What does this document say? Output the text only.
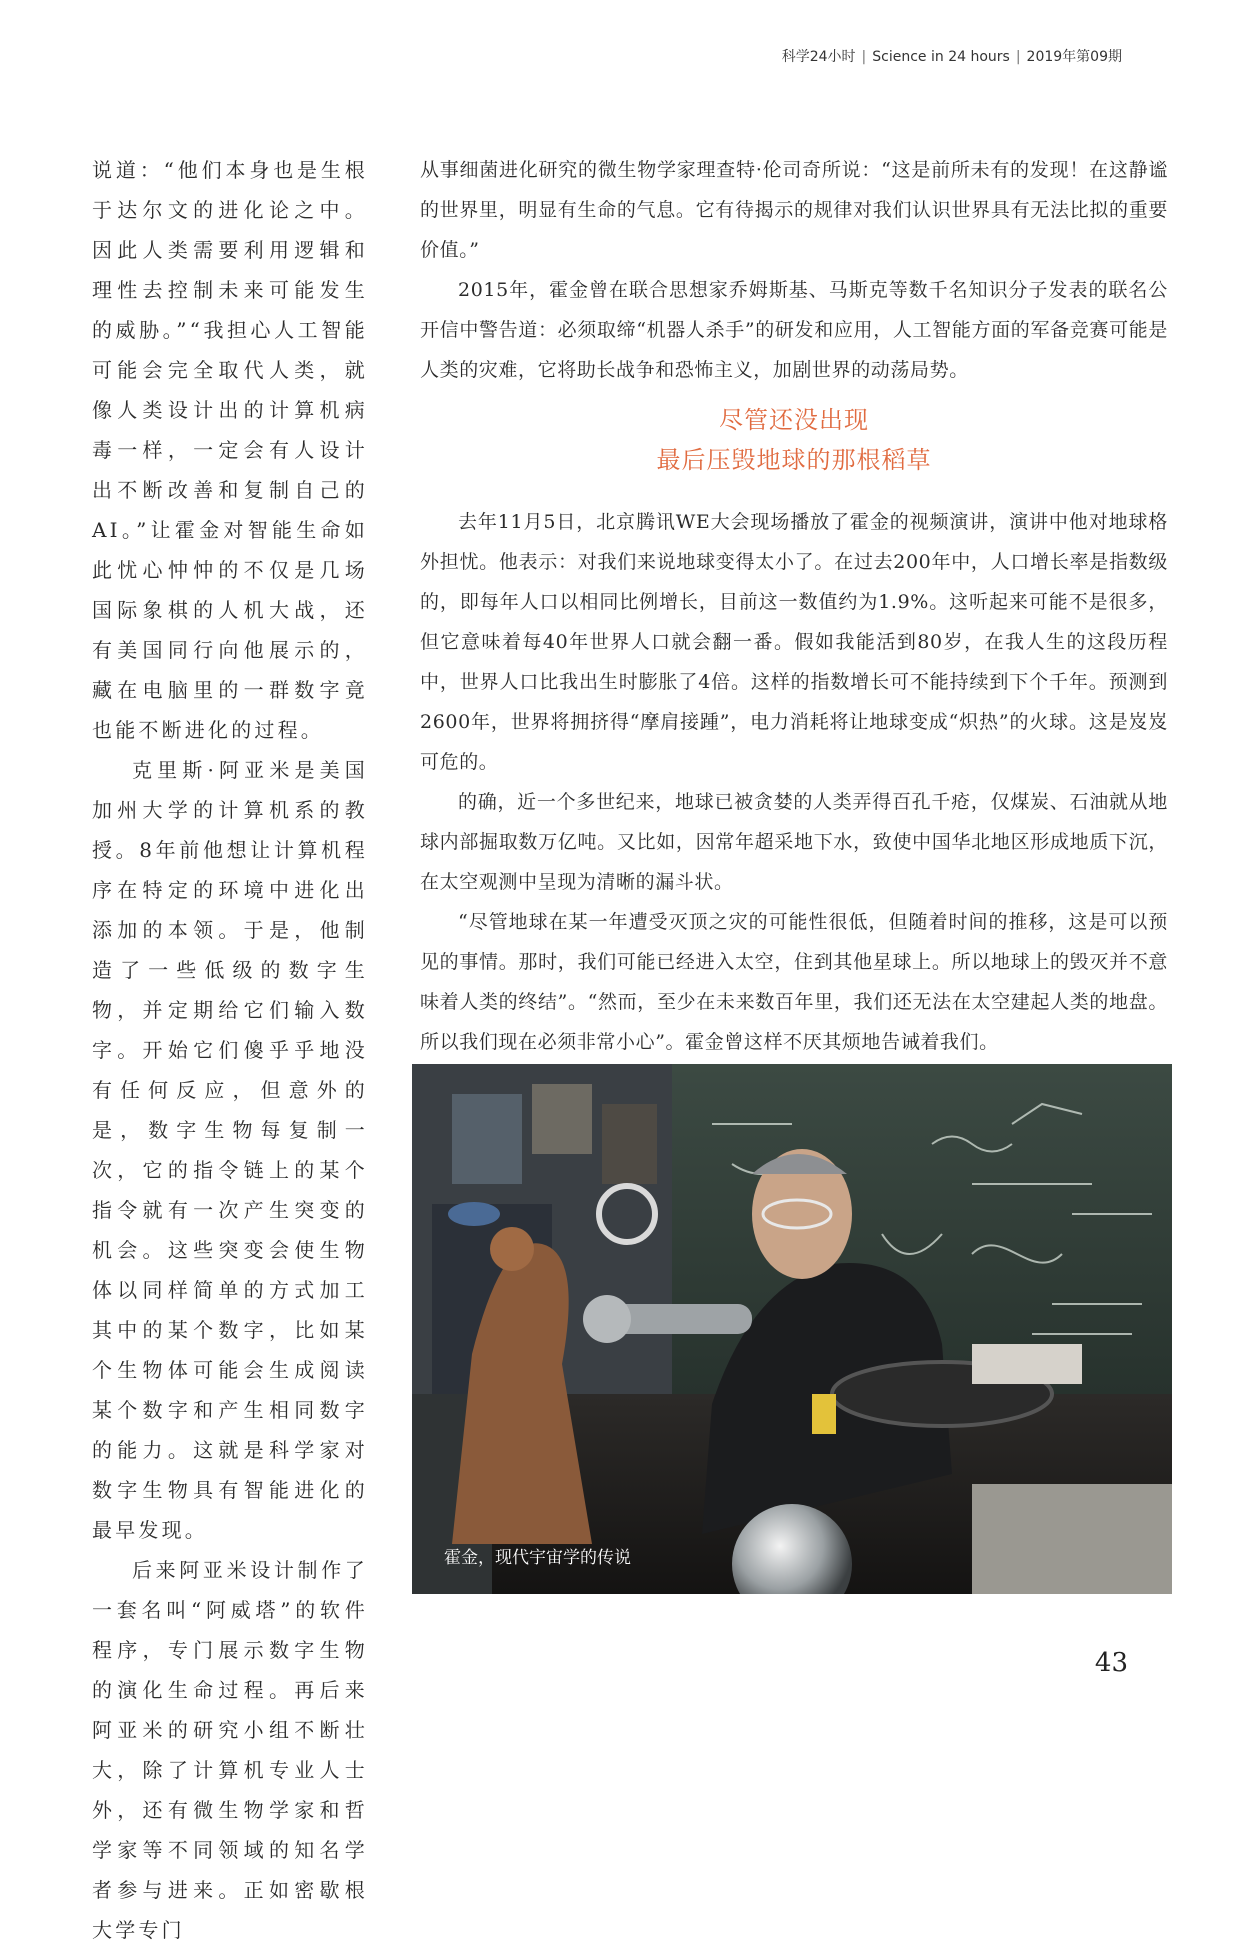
科学24小时 | Science in 24 hours | 2019年第09期

说道：“他们本身也是生根于达尔文的进化论之中。因此人类需要利用逻辑和理性去控制未来可能发生的威胁。”“我担心人工智能可能会完全取代人类，就像人类设计出的计算机病毒一样，一定会有人设计出不断改善和复制自己的AI。”让霍金对智能生命如此忧心忡忡的不仅是几场国际象棋的人机大战，还有美国同行向他展示的，藏在电脑里的一群数字竟也能不断进化的过程。

克里斯·阿亚米是美国加州大学的计算机系的教授。8年前他想让计算机程序在特定的环境中进化出添加的本领。于是，他制造了一些低级的数字生物，并定期给它们输入数字。开始它们傻乎乎地没有任何反应，但意外的是，数字生物每复制一次，它的指令链上的某个指令就有一次产生突变的机会。这些突变会使生物体以同样简单的方式加工其中的某个数字，比如某个生物体可能会生成阅读某个数字和产生相同数字的能力。这就是科学家对数字生物具有智能进化的最早发现。

后来阿亚米设计制作了一套名叫“阿威塔”的软件程序，专门展示数字生物的演化生命过程。再后来阿亚米的研究小组不断壮大，除了计算机专业人士外，还有微生物学家和哲学家等不同领域的知名学者参与进来。正如密歇根大学专门

从事细菌进化研究的微生物学家理查特·伦司奇所说：“这是前所未有的发现！在这静谧的世界里，明显有生命的气息。它有待揭示的规律对我们认识世界具有无法比拟的重要价值。”

2015年，霍金曾在联合思想家乔姆斯基、马斯克等数千名知识分子发表的联名公开信中警告道：必须取缔“机器人杀手”的研发和应用，人工智能方面的军备竞赛可能是人类的灾难，它将助长战争和恐怖主义，加剧世界的动荡局势。

尽管还没出现
最后压毁地球的那根稻草

去年11月5日，北京腾讯WE大会现场播放了霍金的视频演讲，演讲中他对地球格外担忧。他表示：对我们来说地球变得太小了。在过去200年中，人口增长率是指数级的，即每年人口以相同比例增长，目前这一数值约为1.9%。这听起来可能不是很多，但它意味着每40年世界人口就会翻一番。假如我能活到80岁，在我人生的这段历程中，世界人口比我出生时膨胀了4倍。这样的指数增长可不能持续到下个千年。预测到2600年，世界将拥挤得“摩肩接踵”，电力消耗将让地球变成“炽热”的火球。这是岌岌可危的。

的确，近一个多世纪来，地球已被贪婪的人类弄得百孔千疮，仅煤炭、石油就从地球内部掘取数万亿吨。又比如，因常年超采地下水，致使中国华北地区形成地质下沉，在太空观测中呈现为清晰的漏斗状。

“尽管地球在某一年遭受灭顶之灾的可能性很低，但随着时间的推移，这是可以预见的事情。那时，我们可能已经进入太空，住到其他星球上。所以地球上的毁灭并不意味着人类的终结”。“然而，至少在未来数百年里，我们还无法在太空建起人类的地盘。所以我们现在必须非常小心”。霍金曾这样不厌其烦地告诫着我们。

霍金，现代宇宙学的传说
43
